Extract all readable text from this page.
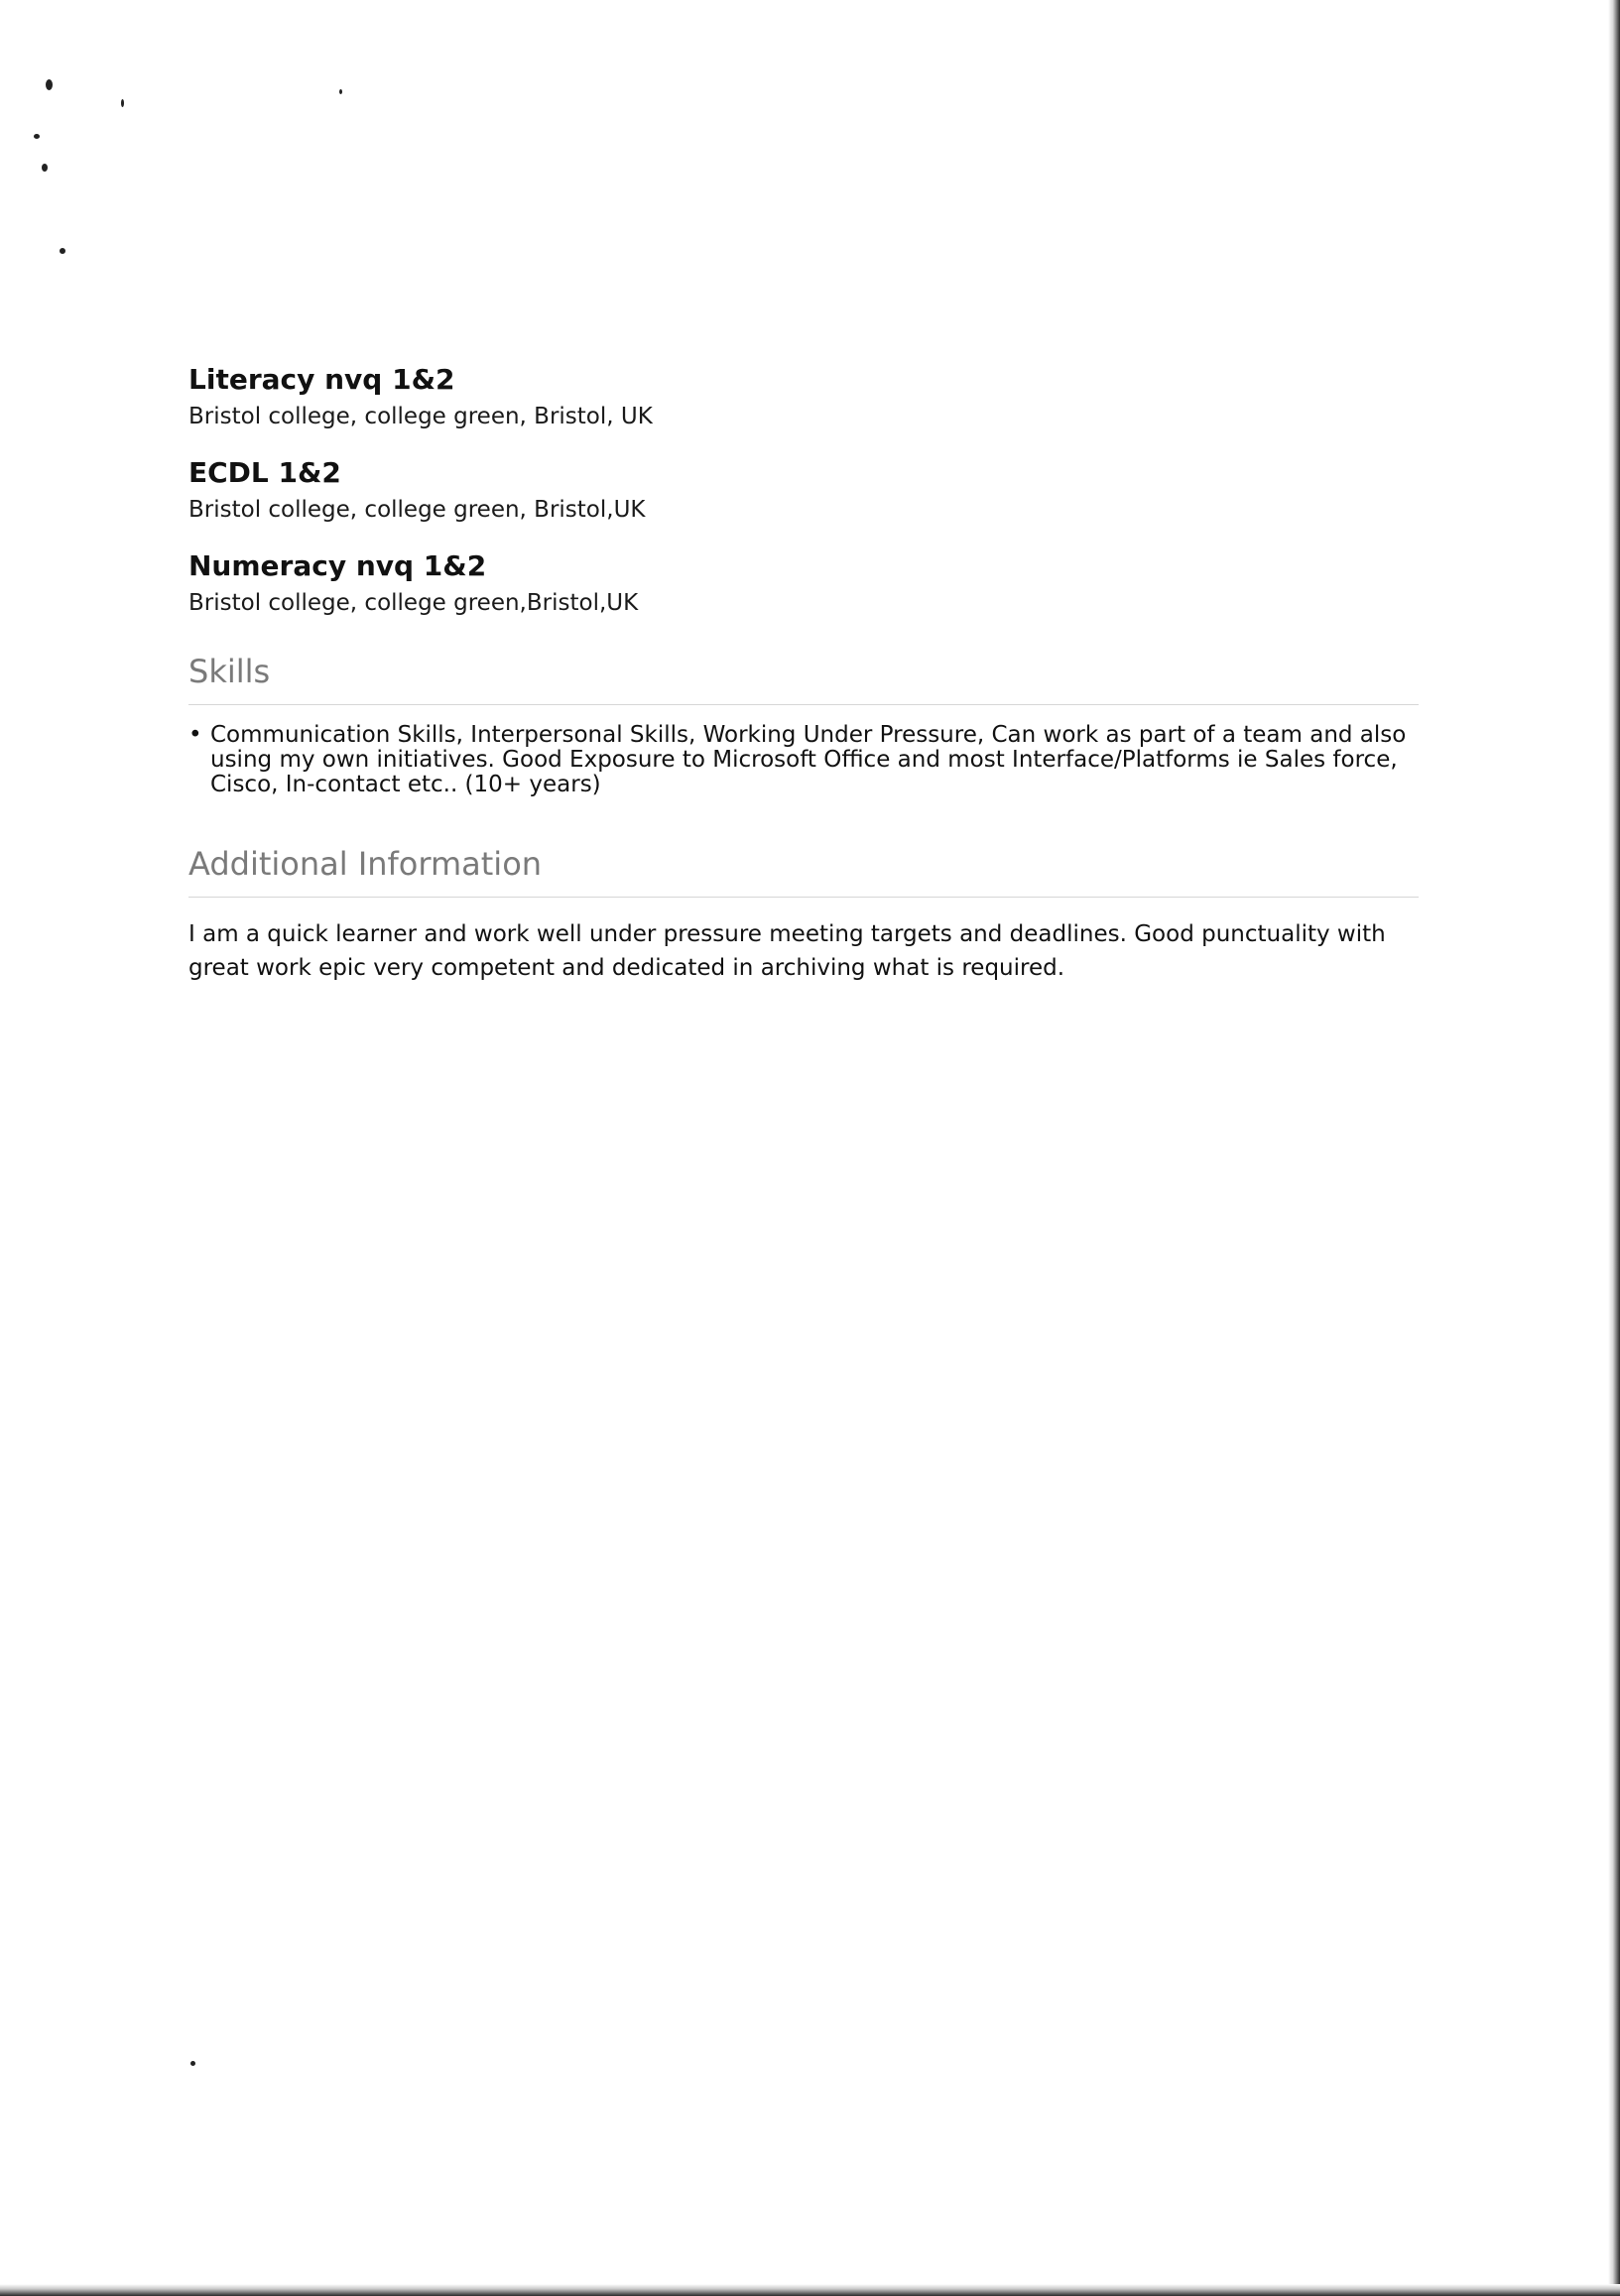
Literacy nvq 1&2
Bristol college, college green, Bristol, UK
ECDL 1&2
Bristol college, college green, Bristol,UK
Numeracy nvq 1&2
Bristol college, college green,Bristol,UK
Skills
• Communication Skills, Interpersonal Skills, Working Under Pressure, Can work as part of a team and also using my own initiatives. Good Exposure to Microsoft Office and most Interface/Platforms ie Sales force, Cisco, In-contact etc.. (10+ years)
Additional Information
I am a quick learner and work well under pressure meeting targets and deadlines. Good punctuality with great work epic very competent and dedicated in archiving what is required.
